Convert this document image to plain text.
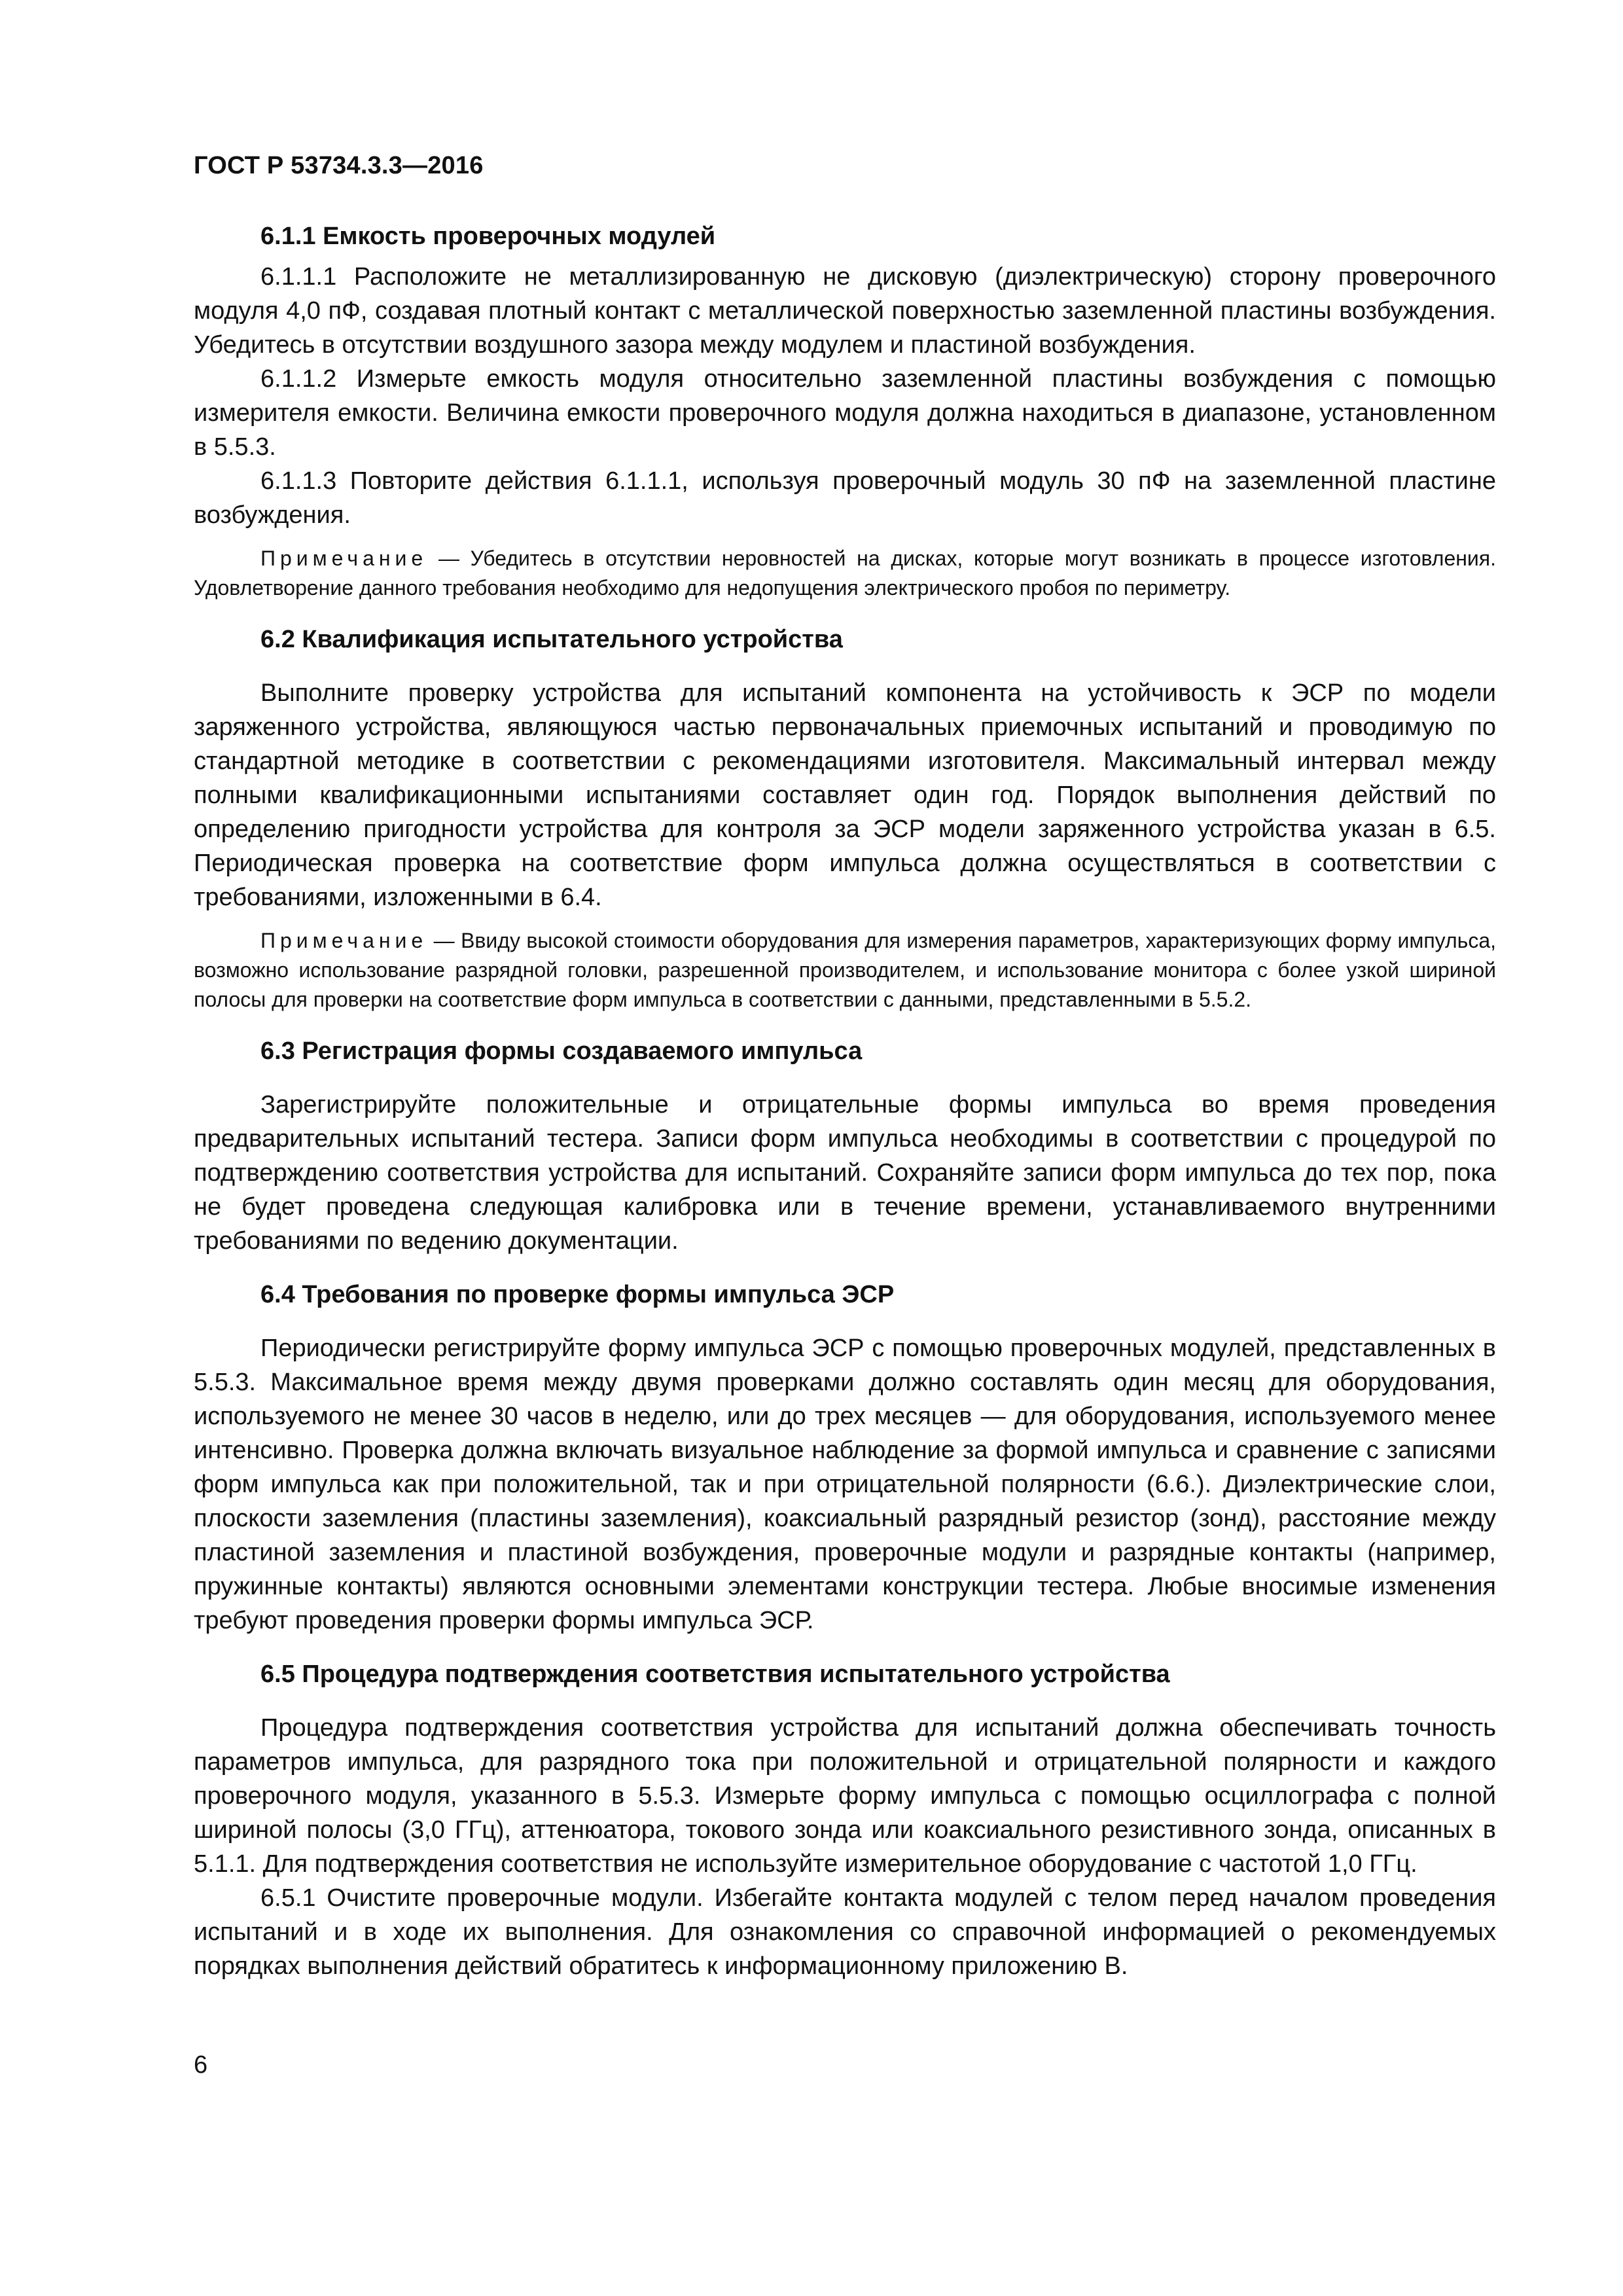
ГОСТ Р 53734.3.3—2016
6.1.1 Емкость проверочных модулей

6.1.1.1 Расположите не металлизированную не дисковую (диэлектрическую) сторону проверочного модуля 4,0 пФ, создавая плотный контакт с металлической поверхностью заземленной пластины возбуждения. Убедитесь в отсутствии воздушного зазора между модулем и пластиной возбуждения.

6.1.1.2 Измерьте емкость модуля относительно заземленной пластины возбуждения с помощью измерителя емкости. Величина емкости проверочного модуля должна находиться в диапазоне, установленном в 5.5.3.

6.1.1.3 Повторите действия 6.1.1.1, используя проверочный модуль 30 пФ на заземленной пластине возбуждения.

Примечание — Убедитесь в отсутствии неровностей на дисках, которые могут возникать в процессе изготовления. Удовлетворение данного требования необходимо для недопущения электрического пробоя по периметру.

6.2 Квалификация испытательного устройства

Выполните проверку устройства для испытаний компонента на устойчивость к ЭСР по модели заряженного устройства, являющуюся частью первоначальных приемочных испытаний и проводимую по стандартной методике в соответствии с рекомендациями изготовителя. Максимальный интервал между полными квалификационными испытаниями составляет один год. Порядок выполнения действий по определению пригодности устройства для контроля за ЭСР модели заряженного устройства указан в 6.5. Периодическая проверка на соответствие форм импульса должна осуществляться в соответствии с требованиями, изложенными в 6.4.

Примечание — Ввиду высокой стоимости оборудования для измерения параметров, характеризующих форму импульса, возможно использование разрядной головки, разрешенной производителем, и использование монитора с более узкой шириной полосы для проверки на соответствие форм импульса в соответствии с данными, представленными в 5.5.2.

6.3 Регистрация формы создаваемого импульса

Зарегистрируйте положительные и отрицательные формы импульса во время проведения предварительных испытаний тестера. Записи форм импульса необходимы в соответствии с процедурой по подтверждению соответствия устройства для испытаний. Сохраняйте записи форм импульса до тех пор, пока не будет проведена следующая калибровка или в течение времени, устанавливаемого внутренними требованиями по ведению документации.

6.4 Требования по проверке формы импульса ЭСР

Периодически регистрируйте форму импульса ЭСР с помощью проверочных модулей, представленных в 5.5.3. Максимальное время между двумя проверками должно составлять один месяц для оборудования, используемого не менее 30 часов в неделю, или до трех месяцев — для оборудования, используемого менее интенсивно. Проверка должна включать визуальное наблюдение за формой импульса и сравнение с записями форм импульса как при положительной, так и при отрицательной полярности (6.6.). Диэлектрические слои, плоскости заземления (пластины заземления), коаксиальный разрядный резистор (зонд), расстояние между пластиной заземления и пластиной возбуждения, проверочные модули и разрядные контакты (например, пружинные контакты) являются основными элементами конструкции тестера. Любые вносимые изменения требуют проведения проверки формы импульса ЭСР.

6.5 Процедура подтверждения соответствия испытательного устройства

Процедура подтверждения соответствия устройства для испытаний должна обеспечивать точность параметров импульса, для разрядного тока при положительной и отрицательной полярности и каждого проверочного модуля, указанного в 5.5.3. Измерьте форму импульса с помощью осциллографа с полной шириной полосы (3,0 ГГц), аттенюатора, токового зонда или коаксиального резистивного зонда, описанных в 5.1.1. Для подтверждения соответствия не используйте измерительное оборудование с частотой 1,0 ГГц.

6.5.1 Очистите проверочные модули. Избегайте контакта модулей с телом перед началом проведения испытаний и в ходе их выполнения. Для ознакомления со справочной информацией о рекомендуемых порядках выполнения действий обратитесь к информационному приложению В.

6
